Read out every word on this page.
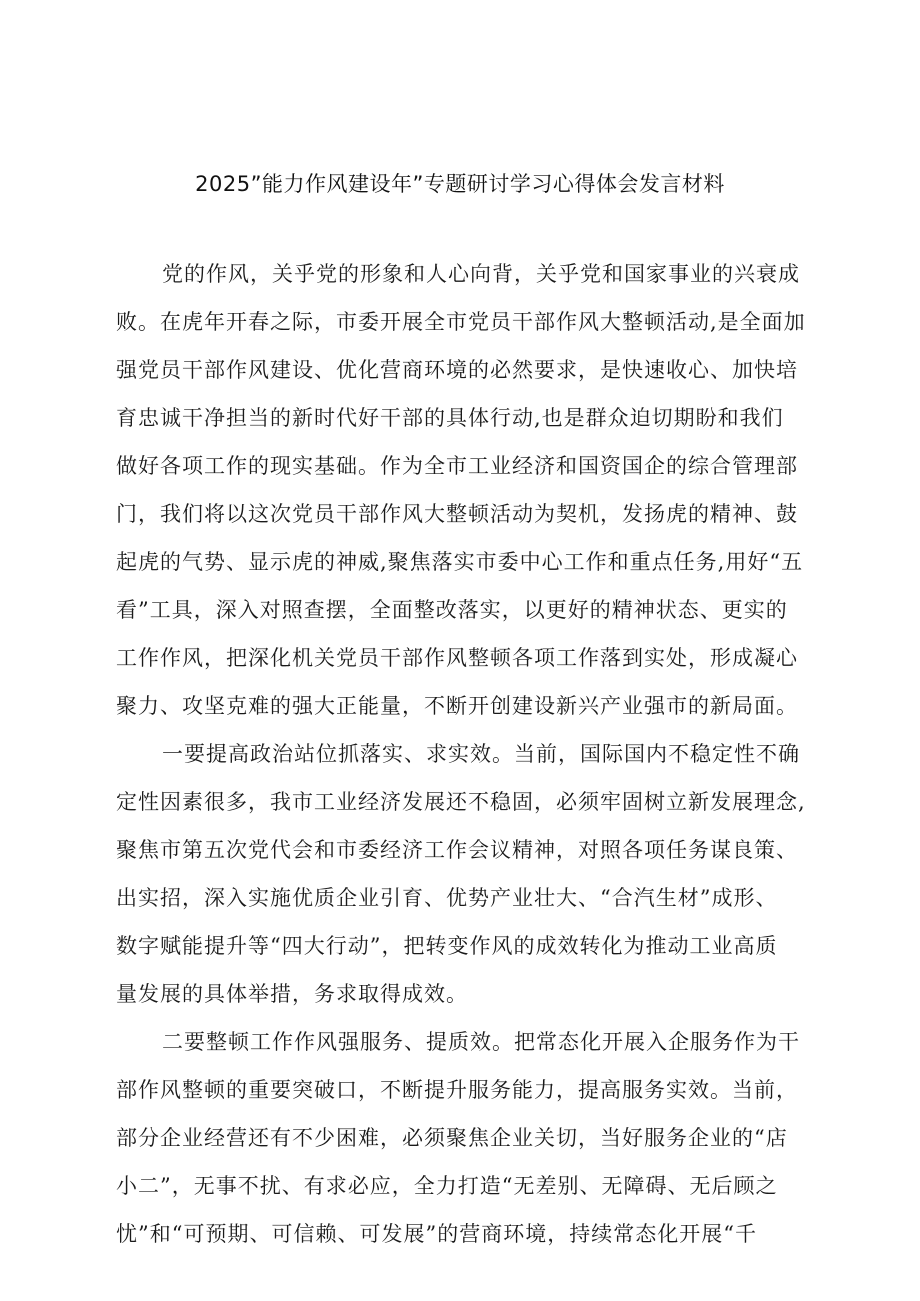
2025”能力作风建设年”专题研讨学习心得体会发言材料
党的作风，关乎党的形象和人心向背，关乎党和国家事业的兴衰成
败。在虎年开春之际，市委开展全市党员干部作风大整顿活动,是全面加
强党员干部作风建设、优化营商环境的必然要求，是快速收心、加快培
育忠诚干净担当的新时代好干部的具体行动,也是群众迫切期盼和我们
做好各项工作的现实基础。作为全市工业经济和国资国企的综合管理部
门，我们将以这次党员干部作风大整顿活动为契机，发扬虎的精神、鼓
起虎的气势、显示虎的神威,聚焦落实市委中心工作和重点任务,用好“五
看”工具，深入对照查摆，全面整改落实，以更好的精神状态、更实的
工作作风，把深化机关党员干部作风整顿各项工作落到实处，形成凝心
聚力、攻坚克难的强大正能量，不断开创建设新兴产业强市的新局面。
一要提高政治站位抓落实、求实效。当前，国际国内不稳定性不确
定性因素很多，我市工业经济发展还不稳固，必须牢固树立新发展理念,
聚焦市第五次党代会和市委经济工作会议精神，对照各项任务谋良策、
出实招，深入实施优质企业引育、优势产业壮大、“合汽生材”成形、
数字赋能提升等“四大行动”，把转变作风的成效转化为推动工业高质
量发展的具体举措，务求取得成效。
二要整顿工作作风强服务、提质效。把常态化开展入企服务作为干
部作风整顿的重要突破口，不断提升服务能力，提高服务实效。当前，
部分企业经营还有不少困难，必须聚焦企业关切，当好服务企业的“店
小二”，无事不扰、有求必应，全力打造“无差别、无障碍、无后顾之
忧”和“可预期、可信赖、可发展”的营商环境，持续常态化开展“千
